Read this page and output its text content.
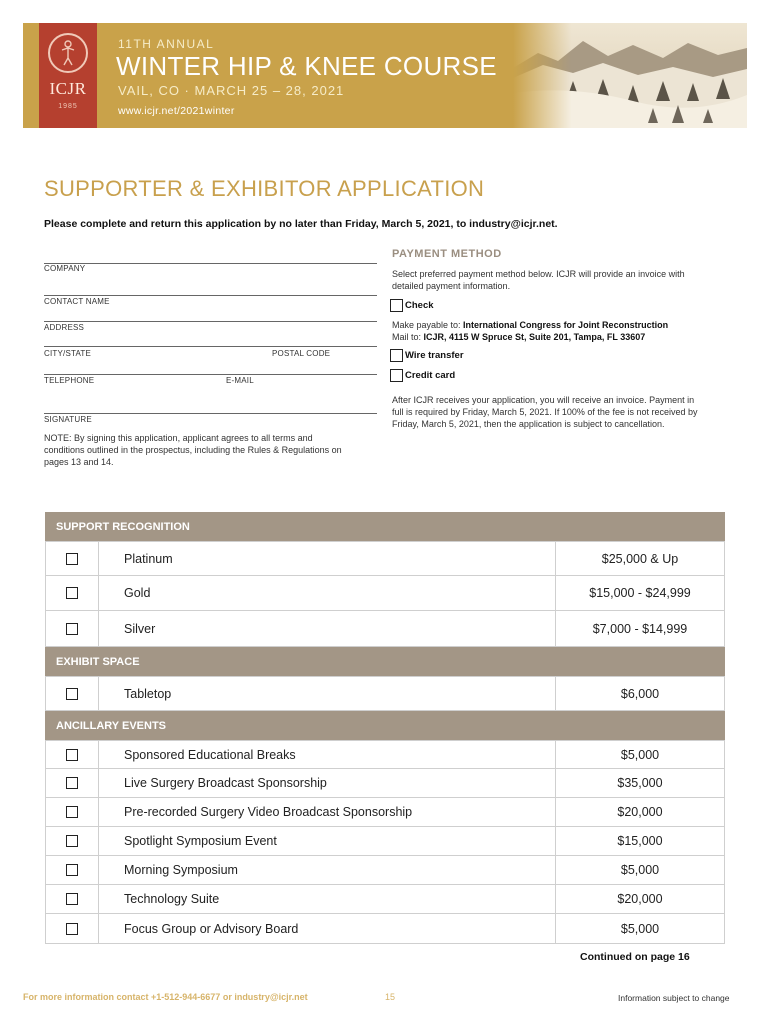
ICJR
1985
11TH ANNUAL
WINTER HIP & KNEE COURSE
VAIL, CO · MARCH 25 – 28, 2021
www.icjr.net/2021winter
SUPPORTER & EXHIBITOR APPLICATION
Please complete and return this application by no later than Friday, March 5, 2021, to industry@icjr.net.
COMPANY
CONTACT NAME
ADDRESS
CITY/STATE	POSTAL CODE
TELEPHONE	E-MAIL
SIGNATURE
NOTE: By signing this application, applicant agrees to all terms and conditions outlined in the prospectus, including the Rules & Regulations on pages 13 and 14.
PAYMENT METHOD
Select preferred payment method below. ICJR will provide an invoice with detailed payment information.
Check
Make payable to: International Congress for Joint Reconstruction
Mail to: ICJR, 4115 W Spruce St, Suite 201, Tampa, FL 33607
Wire transfer
Credit card
After ICJR receives your application, you will receive an invoice. Payment in full is required by Friday, March 5, 2021. If 100% of the fee is not received by Friday, March 5, 2021, then the application is subject to cancellation.
SUPPORT RECOGNITION
Platinum	$25,000 & Up
Gold	$15,000 - $24,999
Silver	$7,000 - $14,999
EXHIBIT SPACE
Tabletop	$6,000
ANCILLARY EVENTS
Sponsored Educational Breaks	$5,000
Live Surgery Broadcast Sponsorship	$35,000
Pre-recorded Surgery Video Broadcast Sponsorship	$20,000
Spotlight Symposium Event	$15,000
Morning Symposium	$5,000
Technology Suite	$20,000
Focus Group or Advisory Board	$5,000
Continued on page 16
For more information contact +1-512-944-6677 or industry@icjr.net	15	Information subject to change
